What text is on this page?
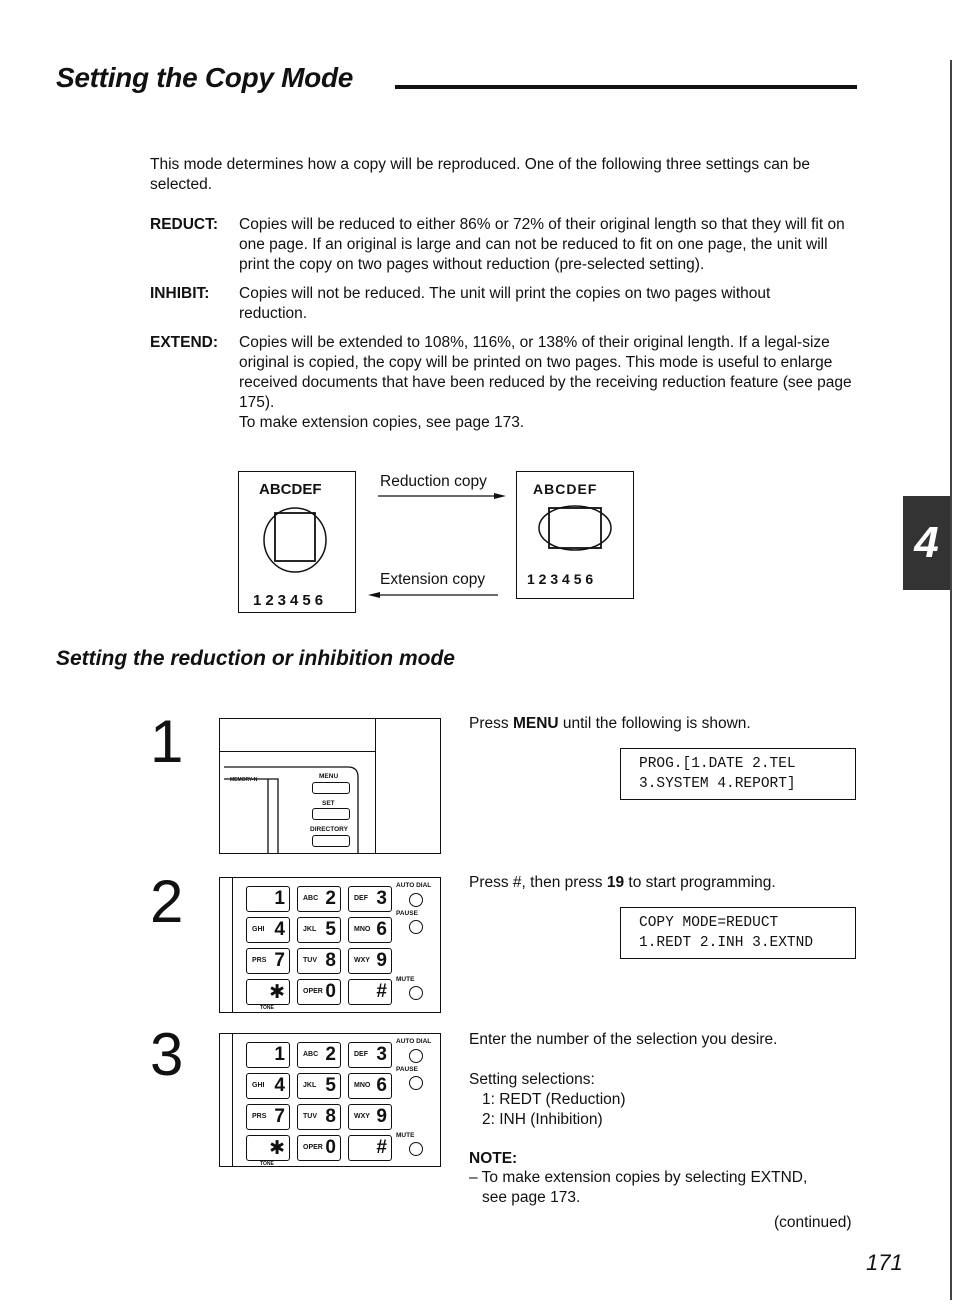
Setting the Copy Mode
This mode determines how a copy will be reproduced. One of the following three settings can be selected.
REDUCT: Copies will be reduced to either 86% or 72% of their original length so that they will fit on one page. If an original is large and can not be reduced to fit on one page, the unit will print the copy on two pages without reduction (pre-selected setting).
INHIBIT: Copies will not be reduced. The unit will print the copies on two pages without reduction.
EXTEND: Copies will be extended to 108%, 116%, or 138% of their original length. If a legal-size original is copied, the copy will be printed on two pages. This mode is useful to enlarge received documents that have been reduced by the receiving reduction feature (see page 175).
To make extension copies, see page 173.
ABCDEF
123456
Reduction copy
Extension copy
ABCDEF
1 2 3 4 5 6
4
Setting the reduction or inhibition mode
1
MEMORY-N	MENU
SET
DIRECTORY
Press MENU until the following is shown.
PROG.[1.DATE 2.TEL
3.SYSTEM 4.REPORT]
2	1	ABC 2	DEF 3
GHI 4	JKL 5	MNO 6
PRS 7	TUV 8	WXY 9
✱	OPER 0 #
AUTO DIAL
PAUSE
MUTE
TONE
Press #, then press 19 to start programming.
COPY MODE=REDUCT
1.REDT 2.INH 3.EXTND
3	1	ABC 2	DEF 3
GHI 4	JKL 5	MNO 6
PRS 7	TUV 8	WXY 9
✱	OPER 0 #
AUTO DIAL
PAUSE
MUTE
TONE
Enter the number of the selection you desire.
Setting selections:
1: REDT (Reduction)
2: INH (Inhibition)
NOTE:
– To make extension copies by selecting EXTND,
see page 173.
(continued)
171
